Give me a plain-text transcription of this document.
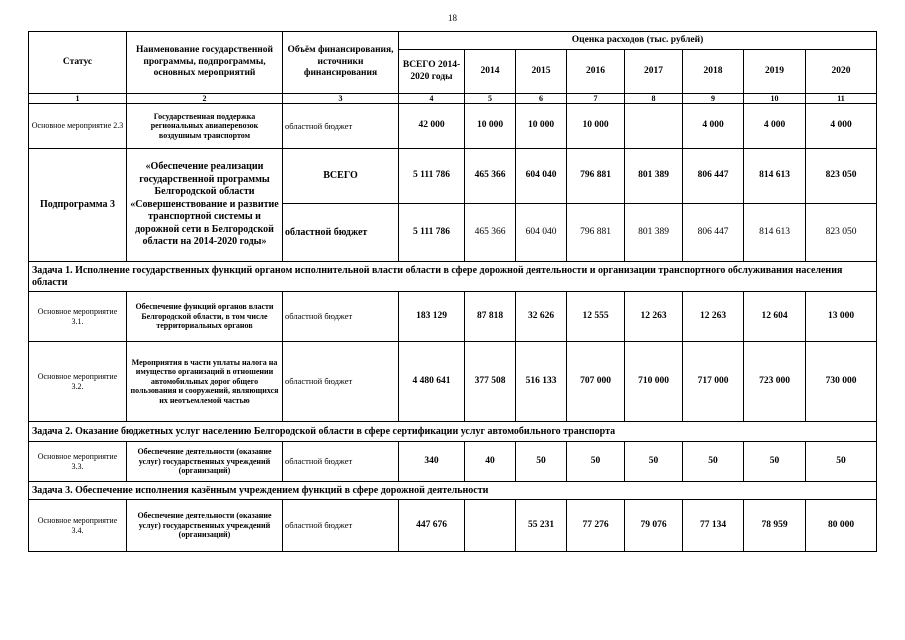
18
Статус	Наименование государственной программы, подпрограммы, основных мероприятий	Объём финансирования, источники финансирования	Оценка расходов (тыс. рублей)							
			ВСЕГО 2014-2020 годы	2014	2015	2016	2017	2018	2019	2020
1	2	3	4	5	6	7	8	9	10	11
Основное мероприятие 2.3	Государственная поддержка региональных авиаперевозок воздушным транспортом	областной бюджет	42 000	10 000	10 000	10 000		4 000	4 000	4 000
Подпрограмма 3	«Обеспечение реализации государственной программы Белгородской области «Совершенствование и развитие транспортной системы и дорожной сети в Белгородской области на 2014-2020 годы»	ВСЕГО	5 111 786	465 366	604 040	796 881	801 389	806 447	814 613	823 050
		областной бюджет	5 111 786	465 366	604 040	796 881	801 389	806 447	814 613	823 050
Задача 1. Исполнение государственных функций органом исполнительной власти области в сфере дорожной деятельности и организации транспортного обслуживания населения области										
Основное мероприятие 3.1.	Обеспечение функций органов власти Белгородской области, в том числе территориальных органов	областной бюджет	183 129	87 818	32 626	12 555	12 263	12 263	12 604	13 000
Основное мероприятие 3.2.	Мероприятия в части уплаты налога на имущество организаций в отношении автомобильных дорог общего пользования и сооружений, являющихся их неотъемлемой частью	областной бюджет	4 480 641	377 508	516 133	707 000	710 000	717 000	723 000	730 000
Задача 2. Оказание бюджетных услуг населению Белгородской области в сфере сертификации услуг автомобильного транспорта										
Основное мероприятие 3.3.	Обеспечение деятельности (оказание услуг) государственных учреждений (организаций)	областной бюджет	340	40	50	50	50	50	50	50
Задача 3. Обеспечение исполнения казённым учреждением функций в сфере дорожной деятельности										
Основное мероприятие 3.4.	Обеспечение деятельности (оказание услуг) государственных учреждений (организаций)	областной бюджет	447 676		55 231	77 276	79 076	77 134	78 959	80 000
